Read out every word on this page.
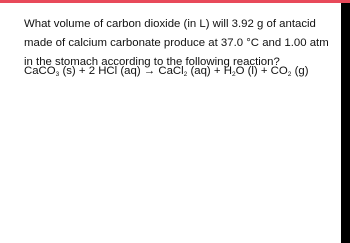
What volume of carbon dioxide (in L) will 3.92 g of antacid made of calcium carbonate produce at 37.0 °C and 1.00 atm in the stomach according to the following reaction?
CaCO$_3$ (s) + 2 HCl (aq) → CaCl$_2$ $(aq) + H_2O$ $(l) + CO_2$ (g)
